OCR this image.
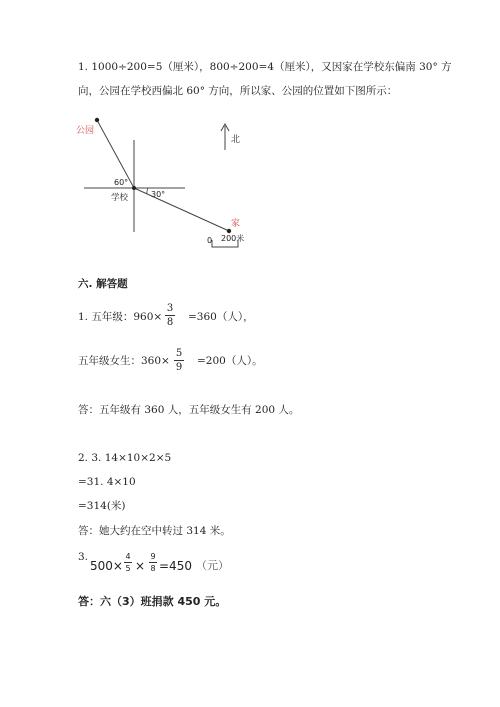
1. 1000÷200=5（厘米），800÷200=4（厘米），又因家在学校东偏南 30° 方
向，公园在学校西偏北 60° 方向，所以家、公园的位置如下图所示：
公园
学校
家
北
60°
30°
0 200米
六. 解答题
1. 五年级：960×
3
8 =360（人），
五年级女生：360×
5
9
=200（人）。
答：五年级有 360 人，五年级女生有 200 人。
2. 3. 14×10×2×5
=31. 4×10
=314(米)
答：她大约在空中转过 314 米。
3.
500×
4
5 ×
9
8 =450 （元）
答：六（3）班捐款 450 元。
